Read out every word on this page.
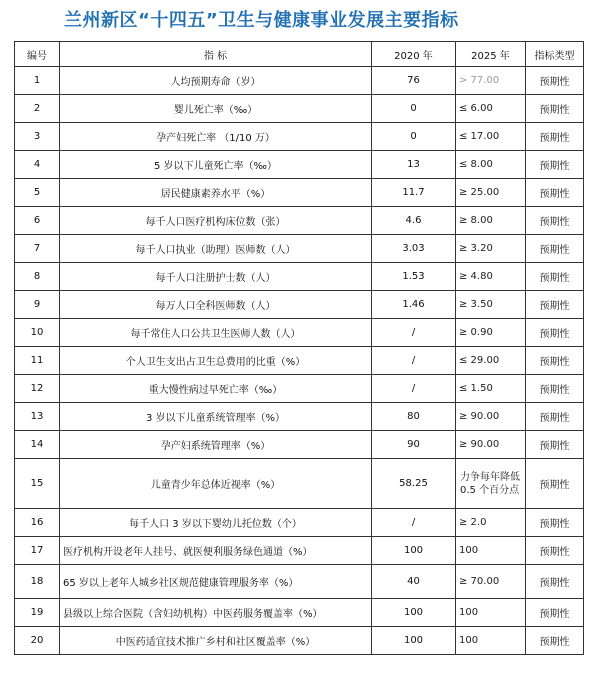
兰州新区“十四五”卫生与健康事业发展主要指标
编号	指 标	2020 年	2025 年	指标类型
1	人均预期寿命（岁）	76	> 77.00	预期性
2	婴儿死亡率（‰）	0	≤ 6.00	预期性
3	孕产妇死亡率 （1/10 万）	0	≤ 17.00	预期性
4	5 岁以下儿童死亡率（‰）	13	≤ 8.00	预期性
5	居民健康素养水平（%）	11.7	≥ 25.00	预期性
6	每千人口医疗机构床位数（张）	4.6	≥ 8.00	预期性
7	每千人口执业（助理）医师数（人）	3.03	≥ 3.20	预期性
8	每千人口注册护士数（人）	1.53	≥ 4.80	预期性
9	每万人口全科医师数（人）	1.46	≥ 3.50	预期性
10	每千常住人口公共卫生医师人数（人）	/	≥ 0.90	预期性
11	个人卫生支出占卫生总费用的比重（%）	/	≤ 29.00	预期性
12	重大慢性病过早死亡率（‰）	/	≤ 1.50	预期性
13	3 岁以下儿童系统管理率（%）	80	≥ 90.00	预期性
14	孕产妇系统管理率（%）	90	≥ 90.00	预期性
15	儿童青少年总体近视率（%）	58.25	力争每年降低0.5 个百分点	预期性
16	每千人口 3 岁以下婴幼儿托位数（个）	/	≥ 2.0	预期性
17	医疗机构开设老年人挂号、就医便利服务绿色通道（%）	100	100	预期性
18	65 岁以上老年人城乡社区规范健康管理服务率（%）	40	≥ 70.00	预期性
19	县级以上综合医院（含妇幼机构）中医药服务覆盖率（%）	100	100	预期性
20	中医药适宜技术推广乡村和社区覆盖率（%）	100	100	预期性
